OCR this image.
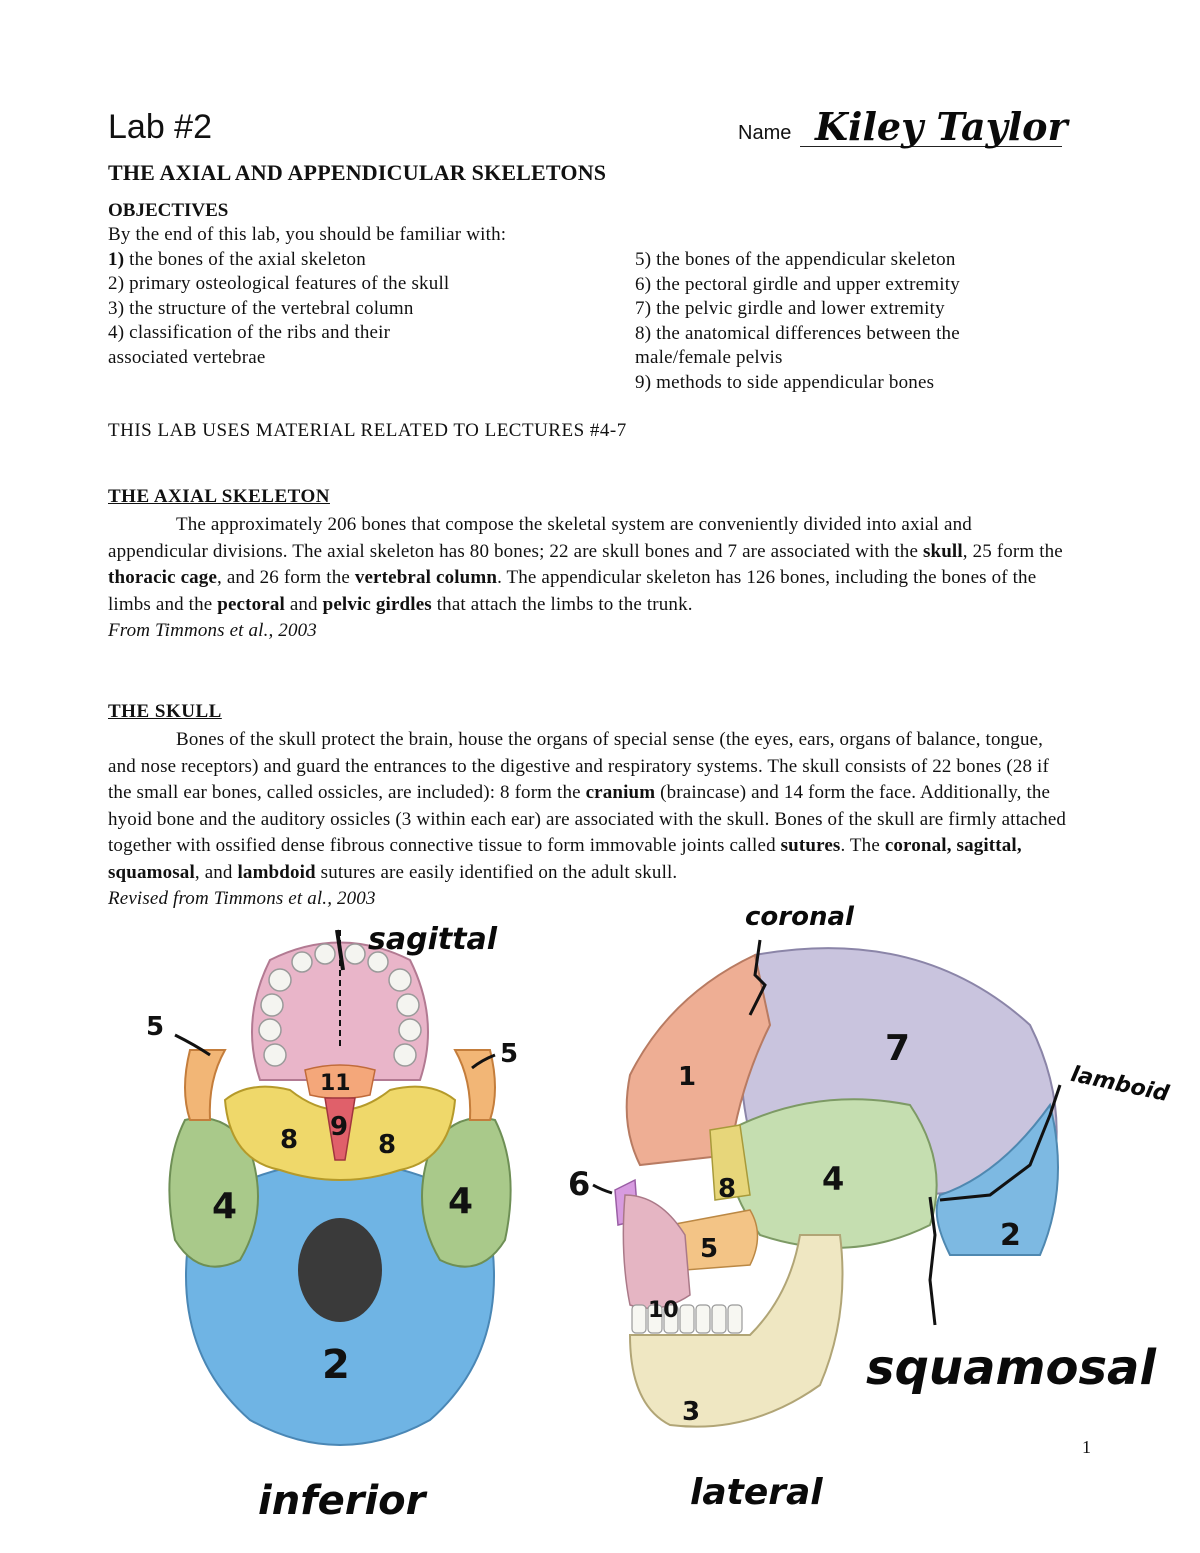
Lab #2	Name Kiley Taylor
THE AXIAL AND APPENDICULAR SKELETONS
OBJECTIVES
By the end of this lab, you should be familiar with:
1) the bones of the axial skeleton
2) primary osteological features of the skull
3) the structure of the vertebral column
4) classification of the ribs and their
associated vertebrae
5) the bones of the appendicular skeleton
6) the pectoral girdle and upper extremity
7) the pelvic girdle and lower extremity
8) the anatomical differences between the
male/female pelvis
9) methods to side appendicular bones
THIS LAB USES MATERIAL RELATED TO LECTURES #4-7
THE AXIAL SKELETON

The approximately 206 bones that compose the skeletal system are conveniently divided into axial and appendicular divisions. The axial skeleton has 80 bones; 22 are skull bones and 7 are associated with the skull, 25 form the thoracic cage, and 26 form the vertebral column. The appendicular skeleton has 126 bones, including the bones of the limbs and the pectoral and pelvic girdles that attach the limbs to the trunk.

From Timmons et al., 2003

THE SKULL

Bones of the skull protect the brain, house the organs of special sense (the eyes, ears, organs of balance, tongue, and nose receptors) and guard the entrances to the digestive and respiratory systems. The skull consists of 22 bones (28 if the small ear bones, called ossicles, are included): 8 form the cranium (braincase) and 14 form the face. Additionally, the hyoid bone and the auditory ossicles (3 within each ear) are associated with the skull. Bones of the skull are firmly attached together with ossified dense fibrous connective tissue to form immovable joints called sutures. The coronal, sagittal, squamosal, and lambdoid sutures are easily identified on the adult skull.

Revised from Timmons et al., 2003

5
5
11
8 9
8
4	4
2
sagittal
inferior
7
1
6	8	4
5	2
10
3
coronal
lamboid
squamosal
lateral
1
